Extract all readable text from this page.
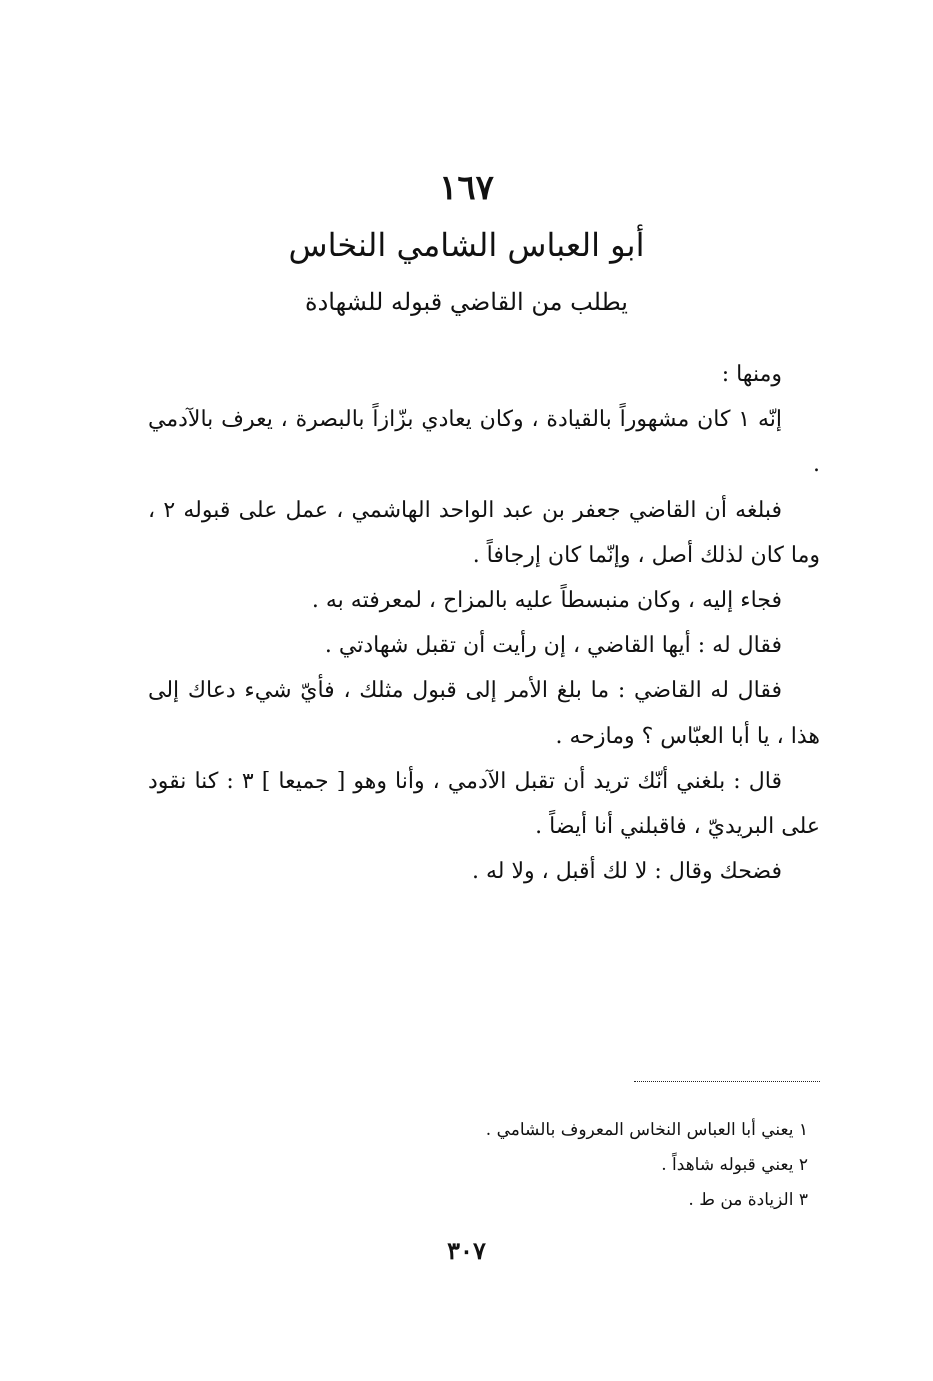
١٦٧
أبو العباس الشامي النخاس
يطلب من القاضي قبوله للشهادة

ومنها :

إنّه ١ كان مشهوراً بالقيادة ، وكان يعادي بزّازاً بالبصرة ، يعرف بالآدمي .

فبلغه أن القاضي جعفر بن عبد الواحد الهاشمي ، عمل على قبوله ٢ ، وما كان لذلك أصل ، وإنّما كان إرجافاً .

فجاء إليه ، وكان منبسطاً عليه بالمزاح ، لمعرفته به .

فقال له : أيها القاضي ، إن رأيت أن تقبل شهادتي .

فقال له القاضي : ما بلغ الأمر إلى قبول مثلك ، فأيّ شيء دعاك إلى هذا ، يا أبا العبّاس ؟ ومازحه .

قال : بلغني أنّك تريد أن تقبل الآدمي ، وأنا وهو [ جميعا ] ٣ : كنا نقود على البريديّ ، فاقبلني أنا أيضاً .

فضحك وقال : لا لك أقبل ، ولا له .

١ يعني أبا العباس النخاس المعروف بالشامي .

٢ يعني قبوله شاهداً .

٣ الزيادة من ط .

٣٠٧
